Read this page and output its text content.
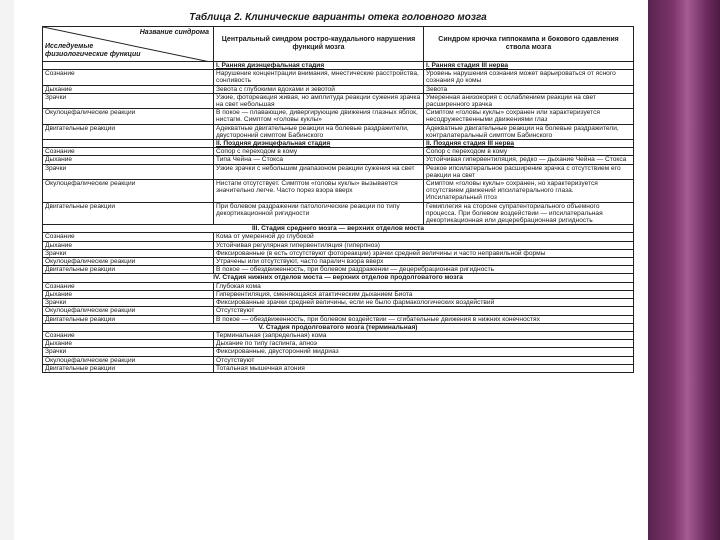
Таблица 2. Клинические варианты отека головного мозга
Название синдрома
Исследуемые физиологические функции	Центральный синдром ростро-каудального нарушения функций мозга	Синдром крючка гиппокампа и бокового сдавления ствола мозга
	I. Ранняя диэнцефальная стадия	I. Ранняя стадия III нерва
Сознание	Нарушение концентрации внимания, мнестические расстройства, сонливость	Уровень нарушения сознания может варьироваться от ясного сознания до комы
Дыхание	Зевота с глубокими вдохами и зевотой	Зевота
Зрачки	Узкие, фотореакция живая, но амплитуда реакции сужения зрачка на свет небольшая	Умеренная анизокория с ослаблением реакции на свет расширенного зрачка
Окулоцефалические реакции	В покое — плавающие, дивергирующие движения глазных яблок, нистагм. Симптом «головы куклы»	Симптом «головы куклы» сохранен или характеризуется несодружественными движениями глаз
Двигательные реакции	Адекватные двигательные реакции на болевые раздражители, двусторонний симптом Бабинского	Адекватные двигательные реакции на болевые раздражители, контралатеральный симптом Бабинского
	II. Поздняя диэнцефальная стадия	II. Поздняя стадия III нерва
Сознание	Сопор с переходом в кому	Сопор с переходом в кому
Дыхание	Типа Чейна — Стокса	Устойчивая гипервентиляция, редко — дыхание Чейна — Стокса
Зрачки	Узкие зрачки с небольшим диапазоном реакции сужения на свет	Резкое ипсилатеральное расширение зрачка с отсутствием его реакции на свет
Окулоцефалические реакции	Нистагм отсутствует. Симптом «головы куклы» вызывается значительно легче. Часто порез взора вверх	Симптом «головы куклы» сохранен, но характеризуется отсутствием движений ипсилатерального глаза. Ипсилатеральный птоз
Двигательные реакции	При болевом раздражении патологические реакции по типу декортикационной ригидности	Гемиплегия на стороне супратенториального объемного процесса. При болевом воздействии — ипсилатеральная декортикационная или децеребрационная ригидность
III. Стадия среднего мозга — верхних отделов моста		
Сознание	Кома от умеренной до глубокой	
Дыхание	Устойчивая регулярная гипервентиляция (гиперпноэ)	
Зрачки	Фиксированные (в есть отсутствуют фотореакции) зрачки средней величины и часто неправильной формы	
Окулоцефалические реакции	Утрачены или отсутствуют, часто паралич взора вверх	
Двигательные реакции	В покое — обездвиженность, при болевом раздражении — децеребрационная ригидность	
IV. Стадия нижних отделов моста — верхних отделов продолговатого мозга		
Сознание	Глубокая кома	
Дыхание	Гипервентиляция, сменяющаяся атактическим дыханием Биота	
Зрачки	Фиксированные зрачки средней величины, если не было фармакологических воздействий	
Окулоцефалические реакции	Отсутствуют	
Двигательные реакции	В покое — обездвиженность, при болевом воздействии — сгибательные движения в нижних конечностях	
V. Стадия продолговатого мозга (терминальная)		
Сознание	Терминальная (запредельная) кома	
Дыхание	Дыхание по типу гаспинга, апноэ	
Зрачки	Фиксированные, двусторонний мидриаз	
Окулоцефалические реакции	Отсутствуют	
Двигательные реакции	Тотальная мышечная атония	
